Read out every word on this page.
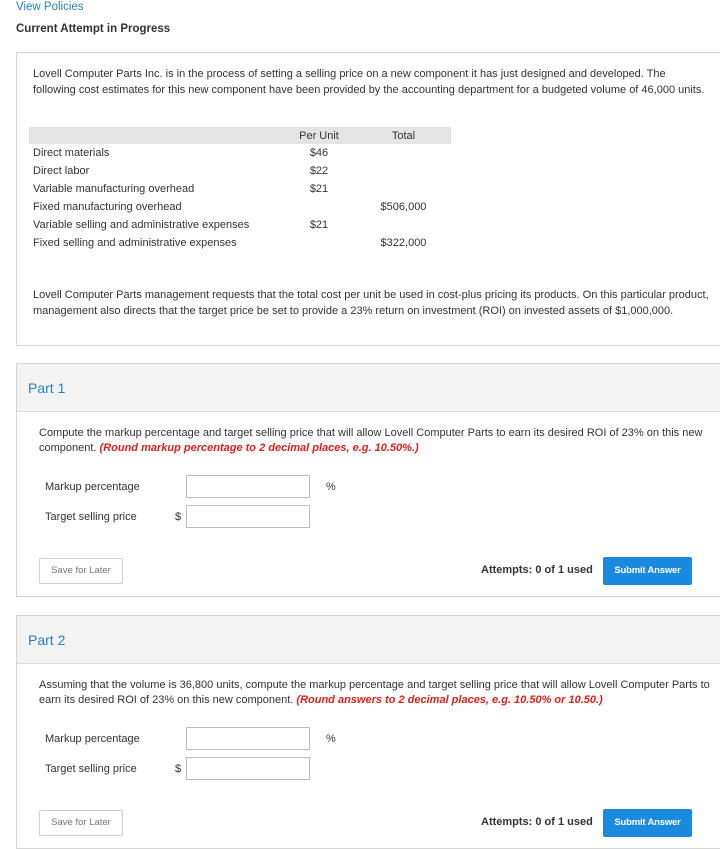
View Policies
Current Attempt in Progress
Lovell Computer Parts Inc. is in the process of setting a selling price on a new component it has just designed and developed. The following cost estimates for this new component have been provided by the accounting department for a budgeted volume of 46,000 units.
Lovell Computer Parts management requests that the total cost per unit be used in cost-plus pricing its products. On this particular product, management also directs that the target price be set to provide a 23% return on investment (ROI) on invested assets of $1,000,000.
	Per Unit	Total
Direct materials	$46	
Direct labor	$22	
Variable manufacturing overhead	$21	
Fixed manufacturing overhead		$506,000
Variable selling and administrative expenses	$21	
Fixed selling and administrative expenses		$322,000
Part 1
Compute the markup percentage and target selling price that will allow Lovell Computer Parts to earn its desired ROI of 23% on this new component. (Round markup percentage to 2 decimal places, e.g. 10.50%.)
Markup percentage	%
Target selling price	$
Save for Later	Attempts: 0 of 1 used	Submit Answer
Part 2
Assuming that the volume is 36,800 units, compute the markup percentage and target selling price that will allow Lovell Computer Parts to earn its desired ROI of 23% on this new component. (Round answers to 2 decimal places, e.g. 10.50% or 10.50.)
Markup percentage	%
Target selling price	$
Save for Later	Attempts: 0 of 1 used	Submit Answer
